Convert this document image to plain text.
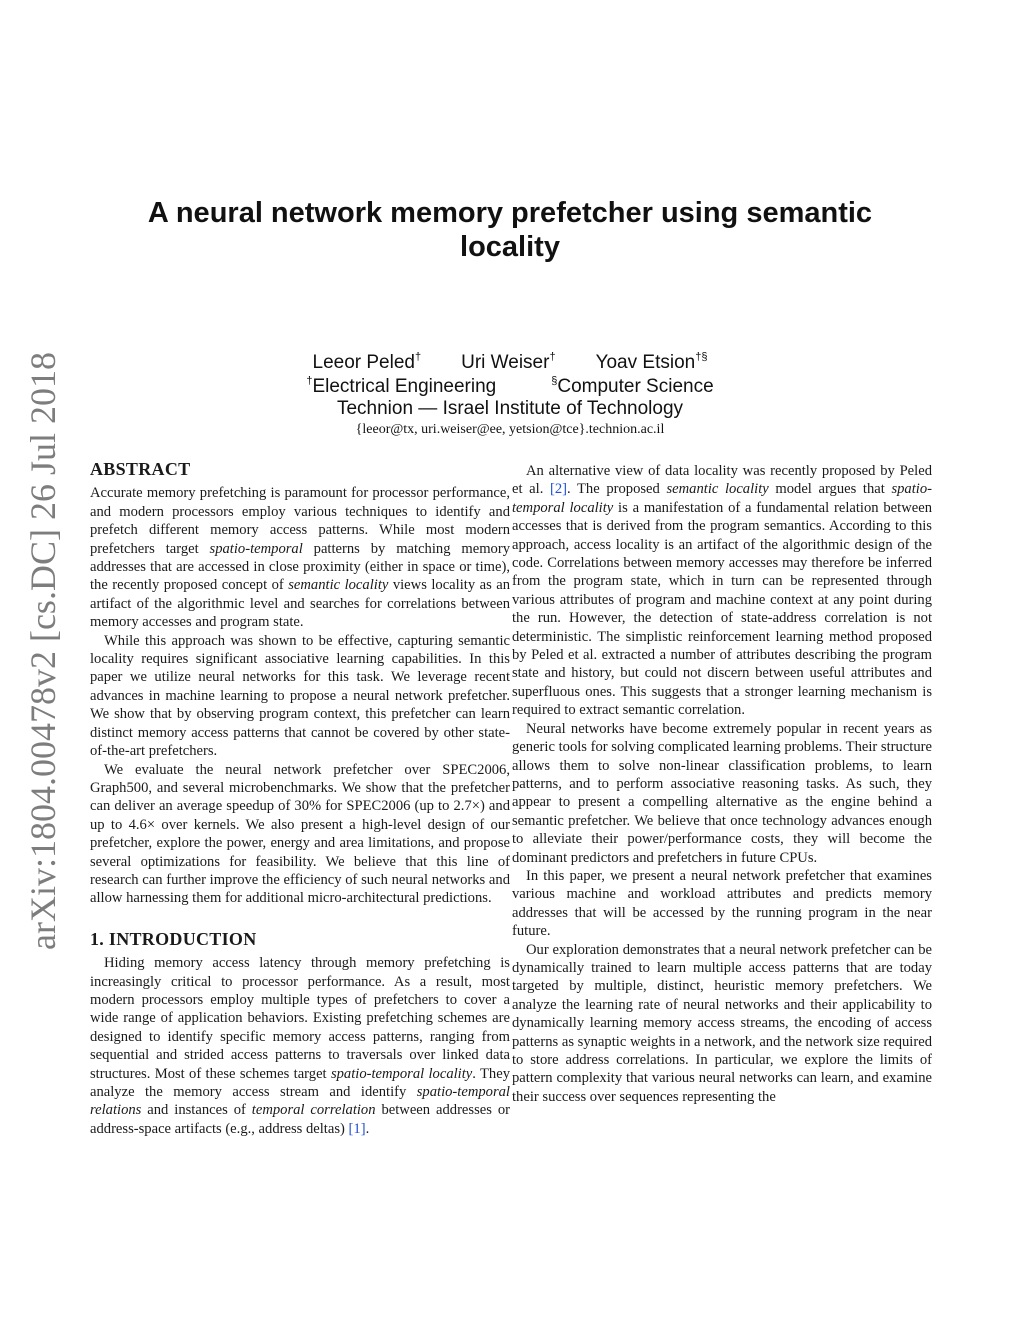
arXiv:1804.00478v2 [cs.DC] 26 Jul 2018
A neural network memory prefetcher using semantic locality
Leeor Peled† Uri Weiser† Yoav Etsion†§
†Electrical Engineering	§Computer Science
Technion — Israel Institute of Technology
{leeor@tx, uri.weiser@ee, yetsion@tce}.technion.ac.il
ABSTRACT

Accurate memory prefetching is paramount for processor performance, and modern processors employ various techniques to identify and prefetch different memory access patterns. While most modern prefetchers target spatio-temporal patterns by matching memory addresses that are accessed in close proximity (either in space or time), the recently proposed concept of semantic locality views locality as an artifact of the algorithmic level and searches for correlations between memory accesses and program state.

While this approach was shown to be effective, capturing semantic locality requires significant associative learning capabilities. In this paper we utilize neural networks for this task. We leverage recent advances in machine learning to propose a neural network prefetcher. We show that by observing program context, this prefetcher can learn distinct memory access patterns that cannot be covered by other state-of-the-art prefetchers.

We evaluate the neural network prefetcher over SPEC2006, Graph500, and several microbenchmarks. We show that the prefetcher can deliver an average speedup of 30% for SPEC2006 (up to 2.7×) and up to 4.6× over kernels. We also present a high-level design of our prefetcher, explore the power, energy and area limitations, and propose several optimizations for feasibility. We believe that this line of research can further improve the efficiency of such neural networks and allow harnessing them for additional micro-architectural predictions.

1. INTRODUCTION

Hiding memory access latency through memory prefetching is increasingly critical to processor performance. As a result, most modern processors employ multiple types of prefetchers to cover a wide range of application behaviors. Existing prefetching schemes are designed to identify specific memory access patterns, ranging from sequential and strided access patterns to traversals over linked data structures. Most of these schemes target spatio-temporal locality. They analyze the memory access stream and identify spatio-temporal relations and instances of temporal correlation between addresses or address-space artifacts (e.g., address deltas) [1].

An alternative view of data locality was recently proposed by Peled et al. [2]. The proposed semantic locality model argues that spatio-temporal locality is a manifestation of a fundamental relation between accesses that is derived from the program semantics. According to this approach, access locality is an artifact of the algorithmic design of the code. Correlations between memory accesses may therefore be inferred from the program state, which in turn can be represented through various attributes of program and machine context at any point during the run. However, the detection of state-address correlation is not deterministic. The simplistic reinforcement learning method proposed by Peled et al. extracted a number of attributes describing the program state and history, but could not discern between useful attributes and superfluous ones. This suggests that a stronger learning mechanism is required to extract semantic correlation.

Neural networks have become extremely popular in recent years as generic tools for solving complicated learning problems. Their structure allows them to solve non-linear classification problems, to learn patterns, and to perform associative reasoning tasks. As such, they appear to present a compelling alternative as the engine behind a semantic prefetcher. We believe that once technology advances enough to alleviate their power/performance costs, they will become the dominant predictors and prefetchers in future CPUs.

In this paper, we present a neural network prefetcher that examines various machine and workload attributes and predicts memory addresses that will be accessed by the running program in the near future.

Our exploration demonstrates that a neural network prefetcher can be dynamically trained to learn multiple access patterns that are today targeted by multiple, distinct, heuristic memory prefetchers. We analyze the learning rate of neural networks and their applicability to dynamically learning memory access streams, the encoding of access patterns as synaptic weights in a network, and the network size required to store address correlations. In particular, we explore the limits of pattern complexity that various neural networks can learn, and examine their success over sequences representing the
